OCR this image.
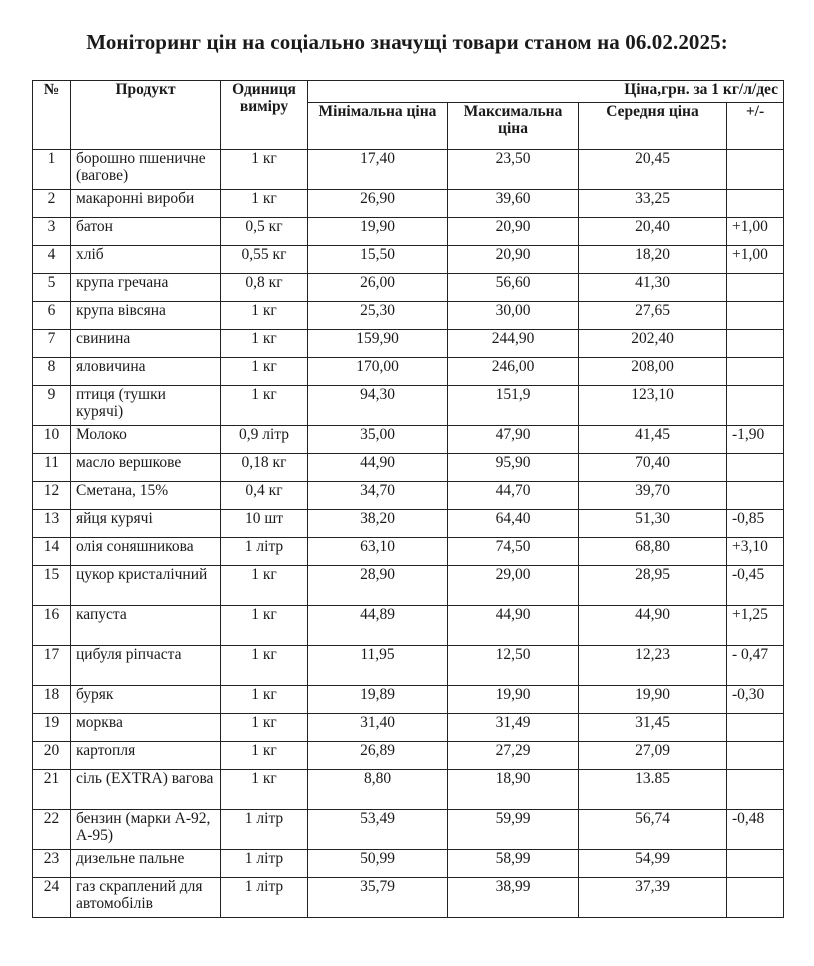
Моніторинг цін на соціально значущі товари станом на 06.02.2025:
№	Продукт	Одиниця виміру	Ціна,грн. за 1 кг/л/дес			
			Мінімальна ціна	Максимальна ціна	Середня ціна	+/-
1	борошно пшеничне (вагове)	1 кг	17,40	23,50	20,45	
2	макаронні вироби	1 кг	26,90	39,60	33,25	
3	батон	0,5 кг	19,90	20,90	20,40	+1,00
4	хліб	0,55 кг	15,50	20,90	18,20	+1,00
5	крупа гречана	0,8 кг	26,00	56,60	41,30	
6	крупа вівсяна	1 кг	25,30	30,00	27,65	
7	свинина	1 кг	159,90	244,90	202,40	
8	яловичина	1 кг	170,00	246,00	208,00	
9	птиця (тушки курячі)	1 кг	94,30	151,9	123,10	
10	Молоко	0,9 літр	35,00	47,90	41,45	-1,90
11	масло вершкове	0,18 кг	44,90	95,90	70,40	
12	Сметана, 15%	0,4 кг	34,70	44,70	39,70	
13	яйця курячі	10 шт	38,20	64,40	51,30	-0,85
14	олія соняшникова	1 літр	63,10	74,50	68,80	+3,10
15	цукор кристалічний	1 кг	28,90	29,00	28,95	-0,45
16	капуста	1 кг	44,89	44,90	44,90	+1,25
17	цибуля ріпчаста	1 кг	11,95	12,50	12,23	- 0,47
18	буряк	1 кг	19,89	19,90	19,90	-0,30
19	морква	1 кг	31,40	31,49	31,45	
20	картопля	1 кг	26,89	27,29	27,09	
21	сіль (EXTRA) вагова	1 кг	8,80	18,90	13.85	
22	бензин (марки А-92, А-95)	1 літр	53,49	59,99	56,74	-0,48
23	дизельне пальне	1 літр	50,99	58,99	54,99	
24	газ скраплений для автомобілів	1 літр	35,79	38,99	37,39	
